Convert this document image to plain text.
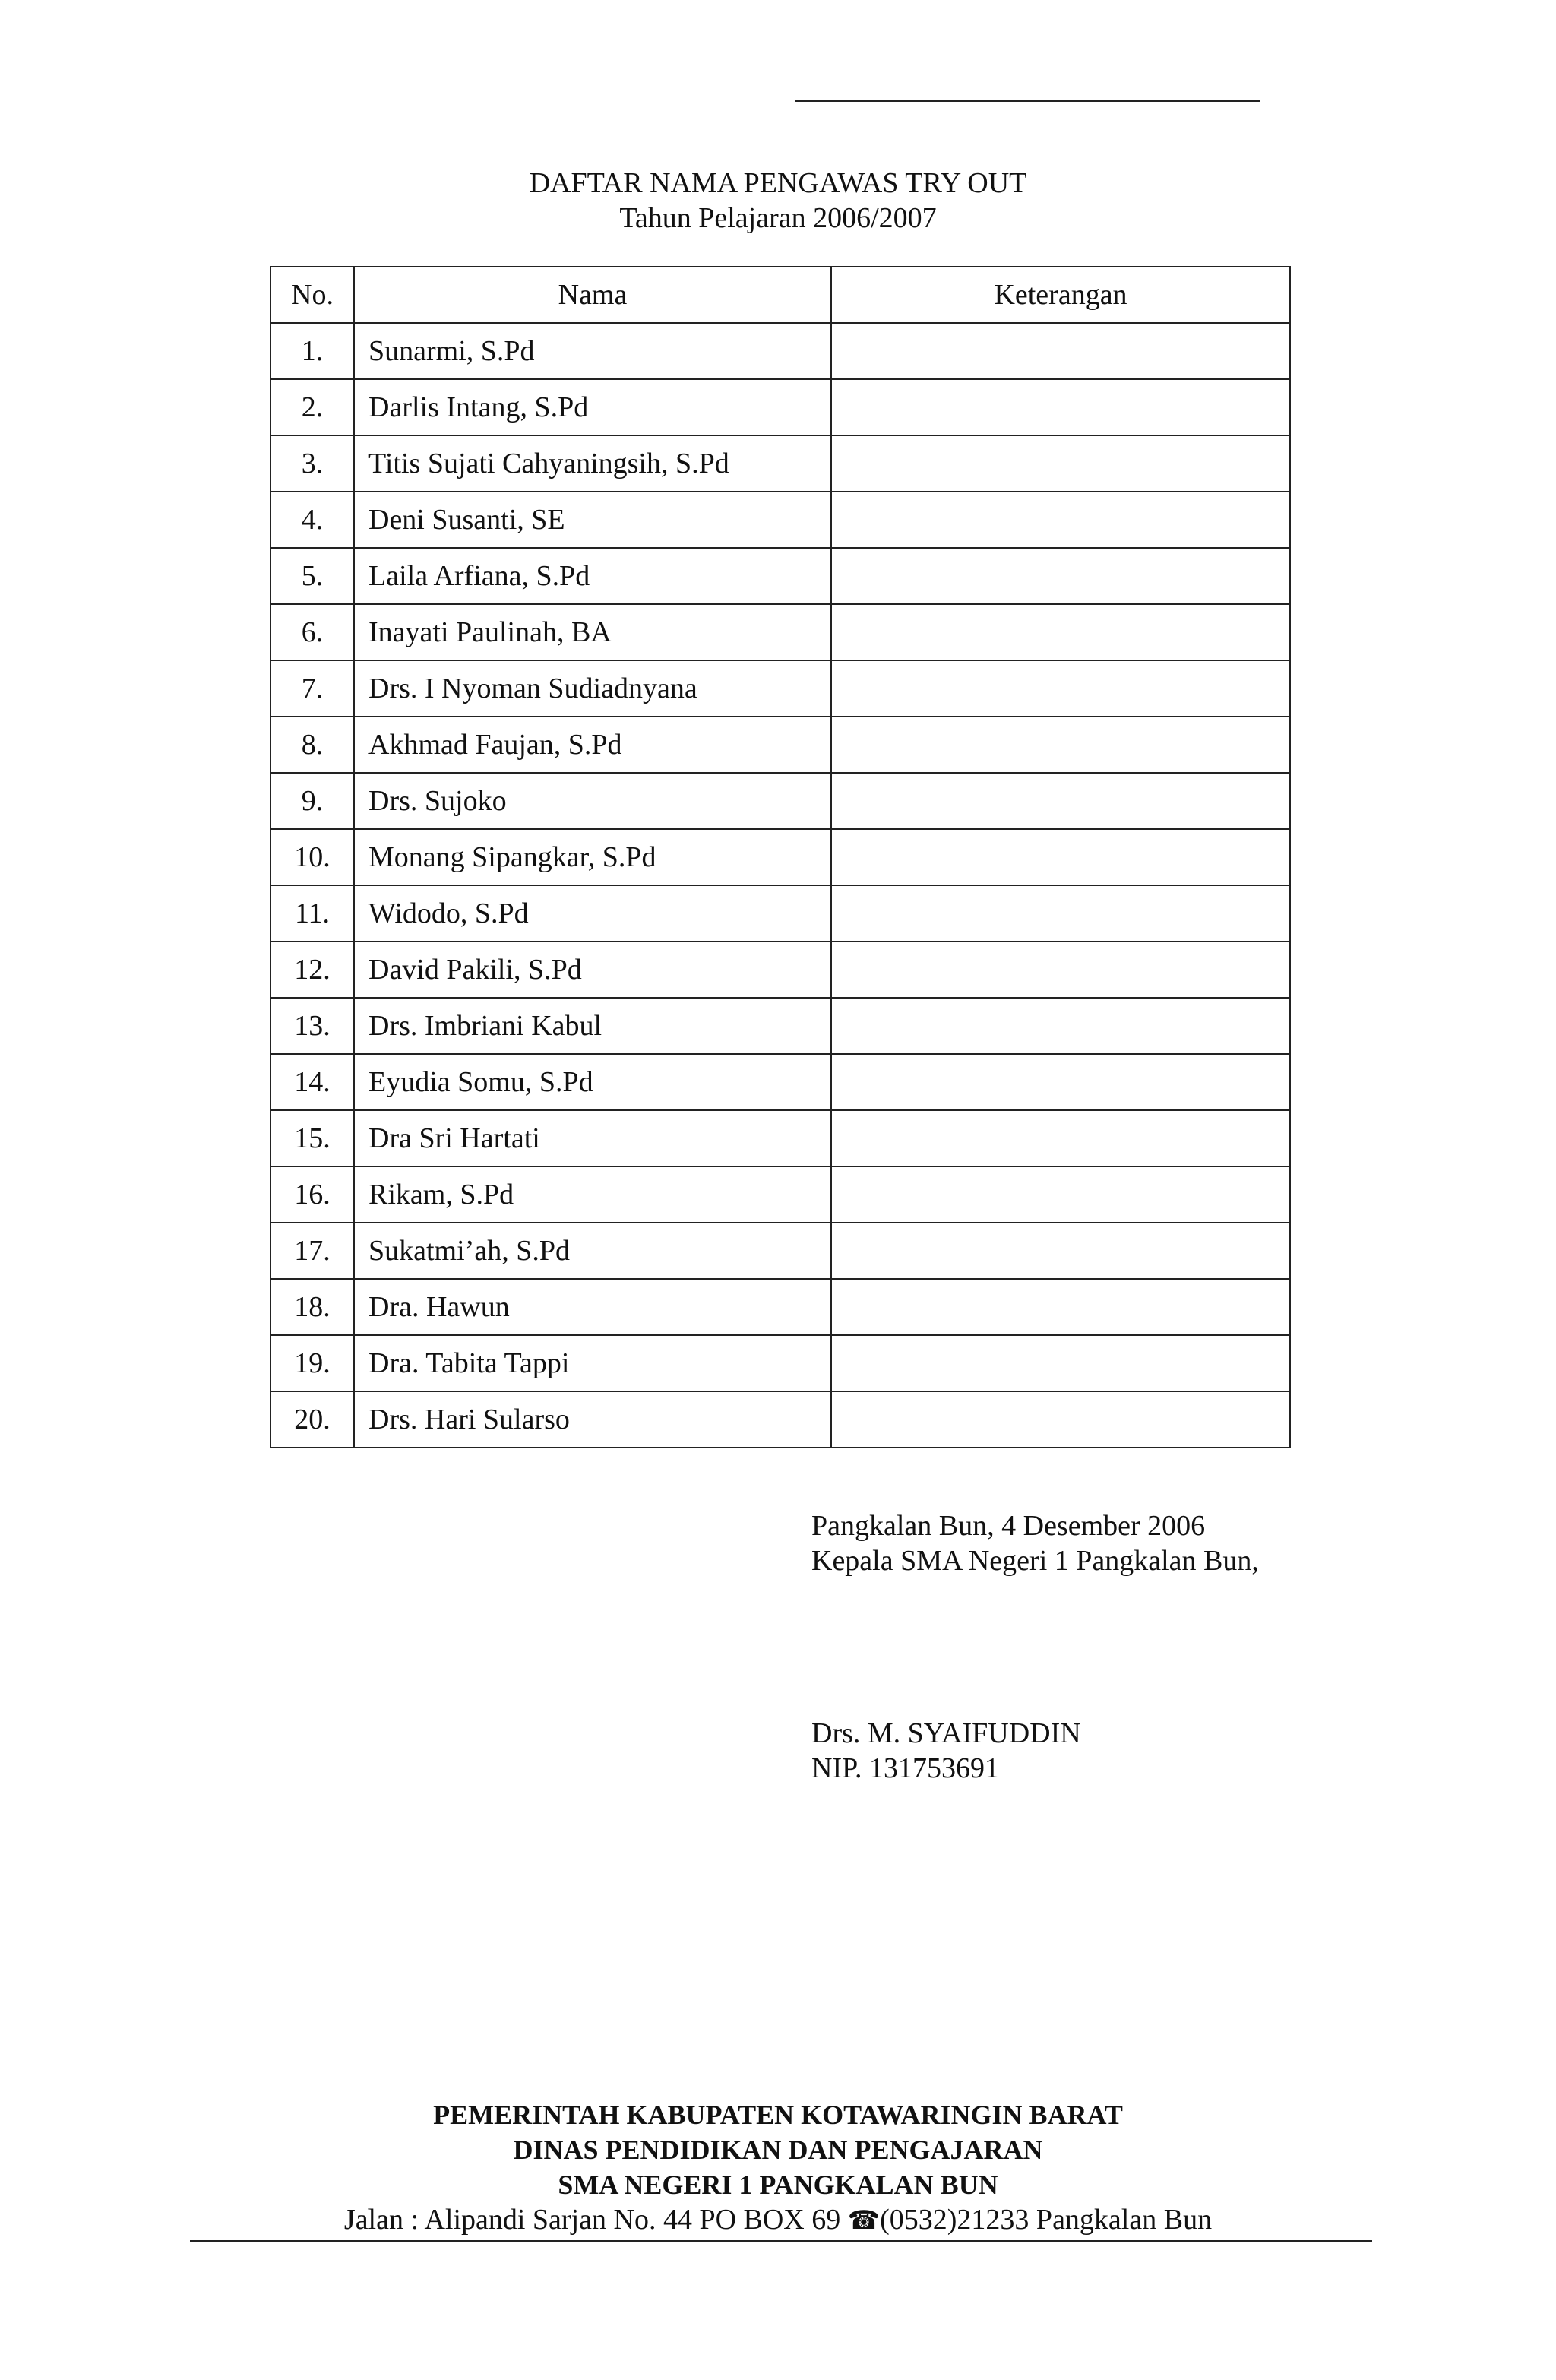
DAFTAR NAMA PENGAWAS TRY OUT
Tahun Pelajaran 2006/2007
No.	Nama	Keterangan
1.	Sunarmi, S.Pd	
2.	Darlis Intang, S.Pd	
3.	Titis Sujati Cahyaningsih, S.Pd	
4.	Deni Susanti, SE	
5.	Laila Arfiana, S.Pd	
6.	Inayati Paulinah, BA	
7.	Drs. I Nyoman Sudiadnyana	
8.	Akhmad Faujan, S.Pd	
9.	Drs. Sujoko	
10.	Monang Sipangkar, S.Pd	
11.	Widodo, S.Pd	
12.	David Pakili, S.Pd	
13.	Drs. Imbriani Kabul	
14.	Eyudia Somu, S.Pd	
15.	Dra Sri Hartati	
16.	Rikam, S.Pd	
17.	Sukatmi’ah, S.Pd	
18.	Dra. Hawun	
19.	Dra. Tabita Tappi	
20.	Drs. Hari Sularso	
Pangkalan Bun, 4 Desember 2006
Kepala SMA Negeri 1 Pangkalan Bun,
Drs. M. SYAIFUDDIN
NIP. 131753691
PEMERINTAH KABUPATEN KOTAWARINGIN BARAT
DINAS PENDIDIKAN DAN PENGAJARAN
SMA NEGERI 1 PANGKALAN BUN
Jalan : Alipandi Sarjan No. 44 PO BOX 69 ☎(0532)21233 Pangkalan Bun
